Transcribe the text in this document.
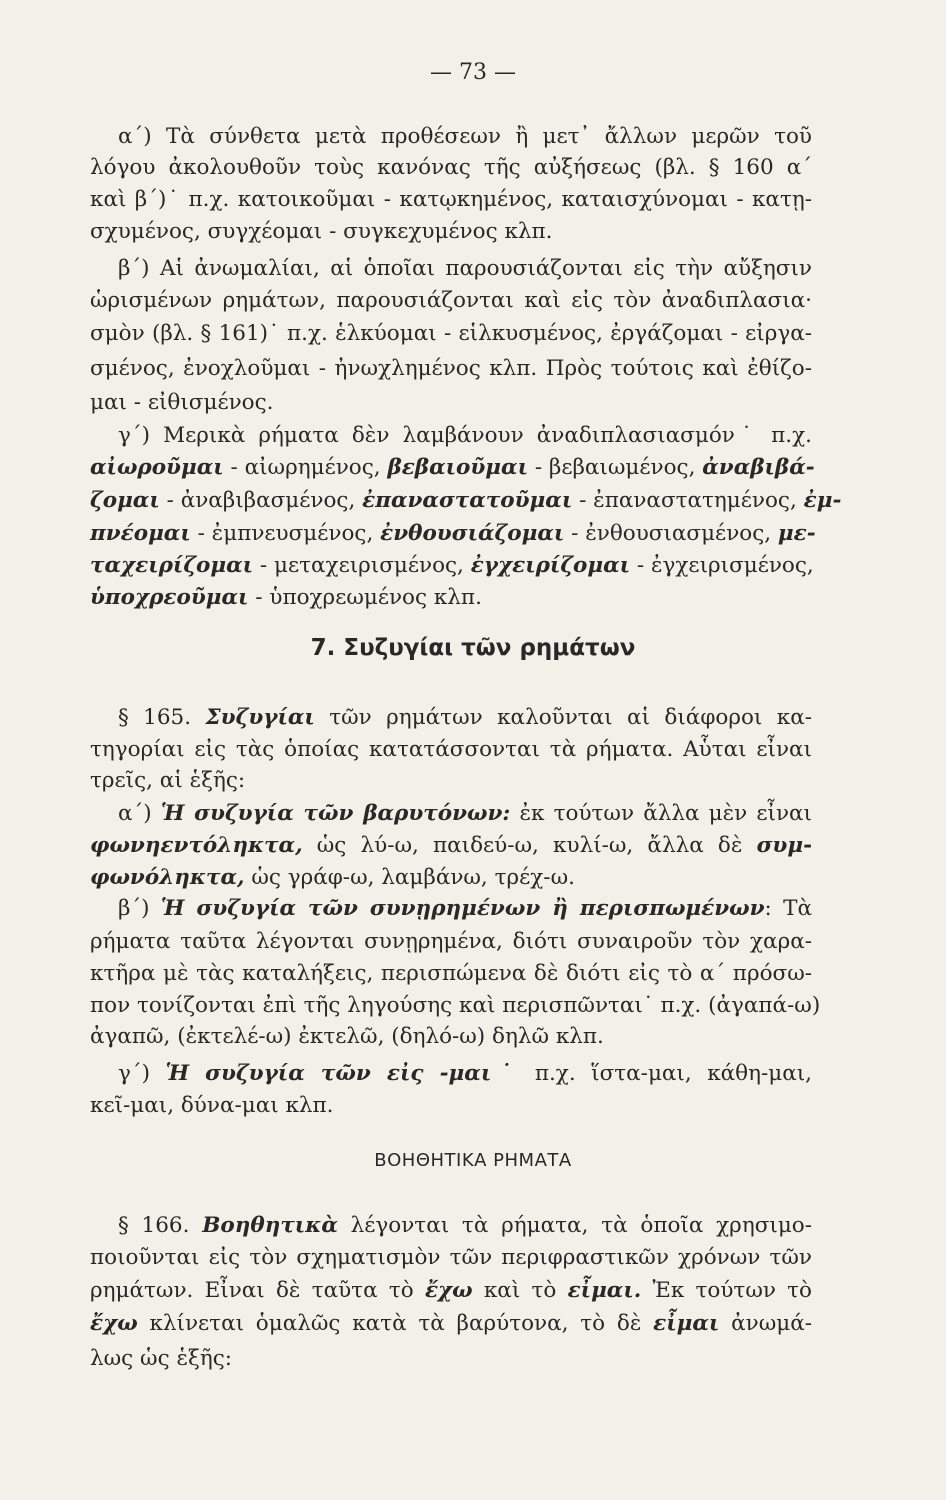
— 73 —
α΄) Τὰ σύνθετα μετὰ προθέσεων ἢ μετ᾽ ἄλλων μερῶν τοῦ
λόγου ἀκολουθοῦν τοὺς κανόνας τῆς αὐξήσεως (βλ. § 160 α΄
καὶ β΄)˙ π.χ. κατοικοῦμαι - κατῳκημένος, καταισχύνομαι - κατῃ-
σχυμένος, συγχέομαι - συγκεχυμένος κλπ.
β΄) Αἱ ἀνωμαλίαι, αἱ ὁποῖαι παρουσιάζονται εἰς τὴν αὔξησιν
ὡρισμένων ρημάτων, παρουσιάζονται καὶ εἰς τὸν ἀναδιπλασια·
σμὸν (βλ. § 161)˙ π.χ. ἑλκύομαι - εἱλκυσμένος, ἐργάζομαι - εἰργα-
σμένος, ἐνοχλοῦμαι - ἠνωχλημένος κλπ. Πρὸς τούτοις καὶ ἐθίζο-
μαι - εἰθισμένος.
γ΄) Μερικὰ ρήματα δὲν λαμβάνουν ἀναδιπλασιασμόν˙ π.χ.
αἰωροῦμαι - αἰωρημένος, βεβαιοῦμαι - βεβαιωμένος, ἀναβιβά-
ζομαι - ἀναβιβασμένος, ἐπαναστατοῦμαι - ἐπαναστατημένος, ἐμ-
πνέομαι - ἐμπνευσμένος, ἐνθουσιάζομαι - ἐνθουσιασμένος, με-
ταχειρίζομαι - μεταχειρισμένος, ἐγχειρίζομαι - ἐγχειρισμένος,
ὑποχρεοῦμαι - ὑποχρεωμένος κλπ.
7. Συζυγίαι τῶν ρημάτων
§ 165. Συζυγίαι τῶν ρημάτων καλοῦνται αἱ διάφοροι κα-
τηγορίαι εἰς τὰς ὁποίας κατατάσσονται τὰ ρήματα. Αὗται εἶναι
τρεῖς, αἱ ἑξῆς:
α΄) Ἡ συζυγία τῶν βαρυτόνων: ἐκ τούτων ἄλλα μὲν εἶναι
φωνηεντόληκτα, ὡς λύ-ω, παιδεύ-ω, κυλί-ω, ἄλλα δὲ συμ-
φωνόληκτα, ὡς γράφ-ω, λαμβάνω, τρέχ-ω.
β΄) Ἡ συζυγία τῶν συνῃρημένων ἢ περισπωμένων: Τὰ
ρήματα ταῦτα λέγονται συνῃρημένα, διότι συναιροῦν τὸν χαρα-
κτῆρα μὲ τὰς καταλήξεις, περισπώμενα δὲ διότι εἰς τὸ α΄ πρόσω-
πον τονίζονται ἐπὶ τῆς ληγούσης καὶ περισπῶνται˙ π.χ. (ἀγαπά-ω)
ἀγαπῶ, (ἐκτελέ-ω) ἐκτελῶ, (δηλό-ω) δηλῶ κλπ.
γ΄) Ἡ συζυγία τῶν εἰς -μαι˙ π.χ. ἵστα-μαι, κάθη-μαι,
κεῖ-μαι, δύνα-μαι κλπ.
ΒΟΗΘΗΤΙΚΑ ΡΗΜΑΤΑ
§ 166. Βοηθητικὰ λέγονται τὰ ρήματα, τὰ ὁποῖα χρησιμο-
ποιοῦνται εἰς τὸν σχηματισμὸν τῶν περιφραστικῶν χρόνων τῶν
ρημάτων. Εἶναι δὲ ταῦτα τὸ ἔχω καὶ τὸ εἶμαι. Ἐκ τούτων τὸ
ἔχω κλίνεται ὁμαλῶς κατὰ τὰ βαρύτονα, τὸ δὲ εἶμαι ἀνωμά-
λως ὡς ἑξῆς:
